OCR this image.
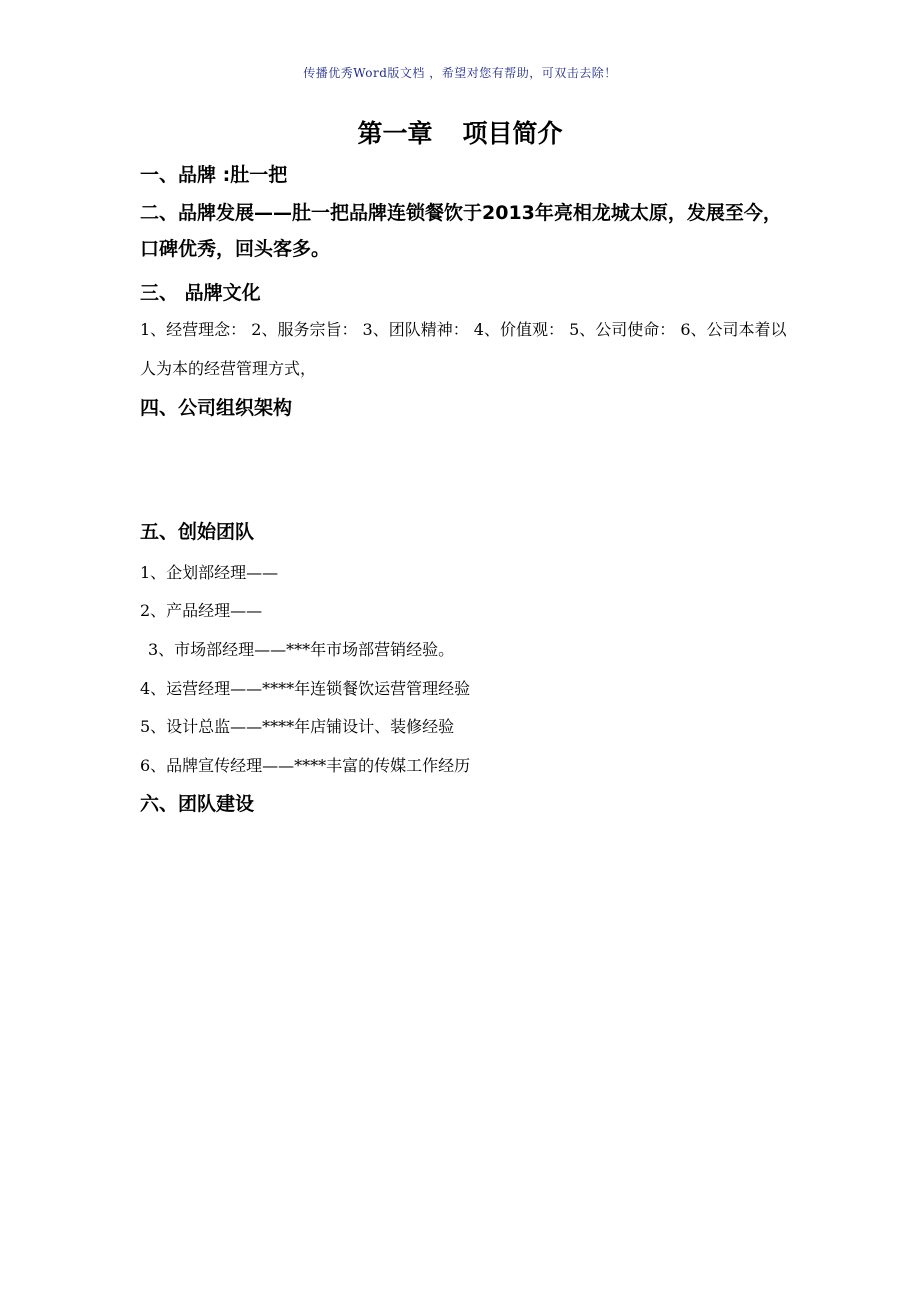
传播优秀Word版文档 ，希望对您有帮助，可双击去除！
第一章 项目简介
一、品牌 :肚一把
二、品牌发展——肚一把品牌连锁餐饮于2013年亮相龙城太原，发展至今，口碑优秀，回头客多。
三、 品牌文化
1、经营理念： 2、服务宗旨： 3、团队精神： 4、价值观： 5、公司使命： 6、公司本着以人为本的经营管理方式，
四、公司组织架构
五、创始团队
1、企划部经理——
2、产品经理——
3、市场部经理——***年市场部营销经验。
4、运营经理——****年连锁餐饮运营管理经验
5、设计总监——****年店铺设计、装修经验
6、品牌宣传经理——****丰富的传媒工作经历
六、团队建设
